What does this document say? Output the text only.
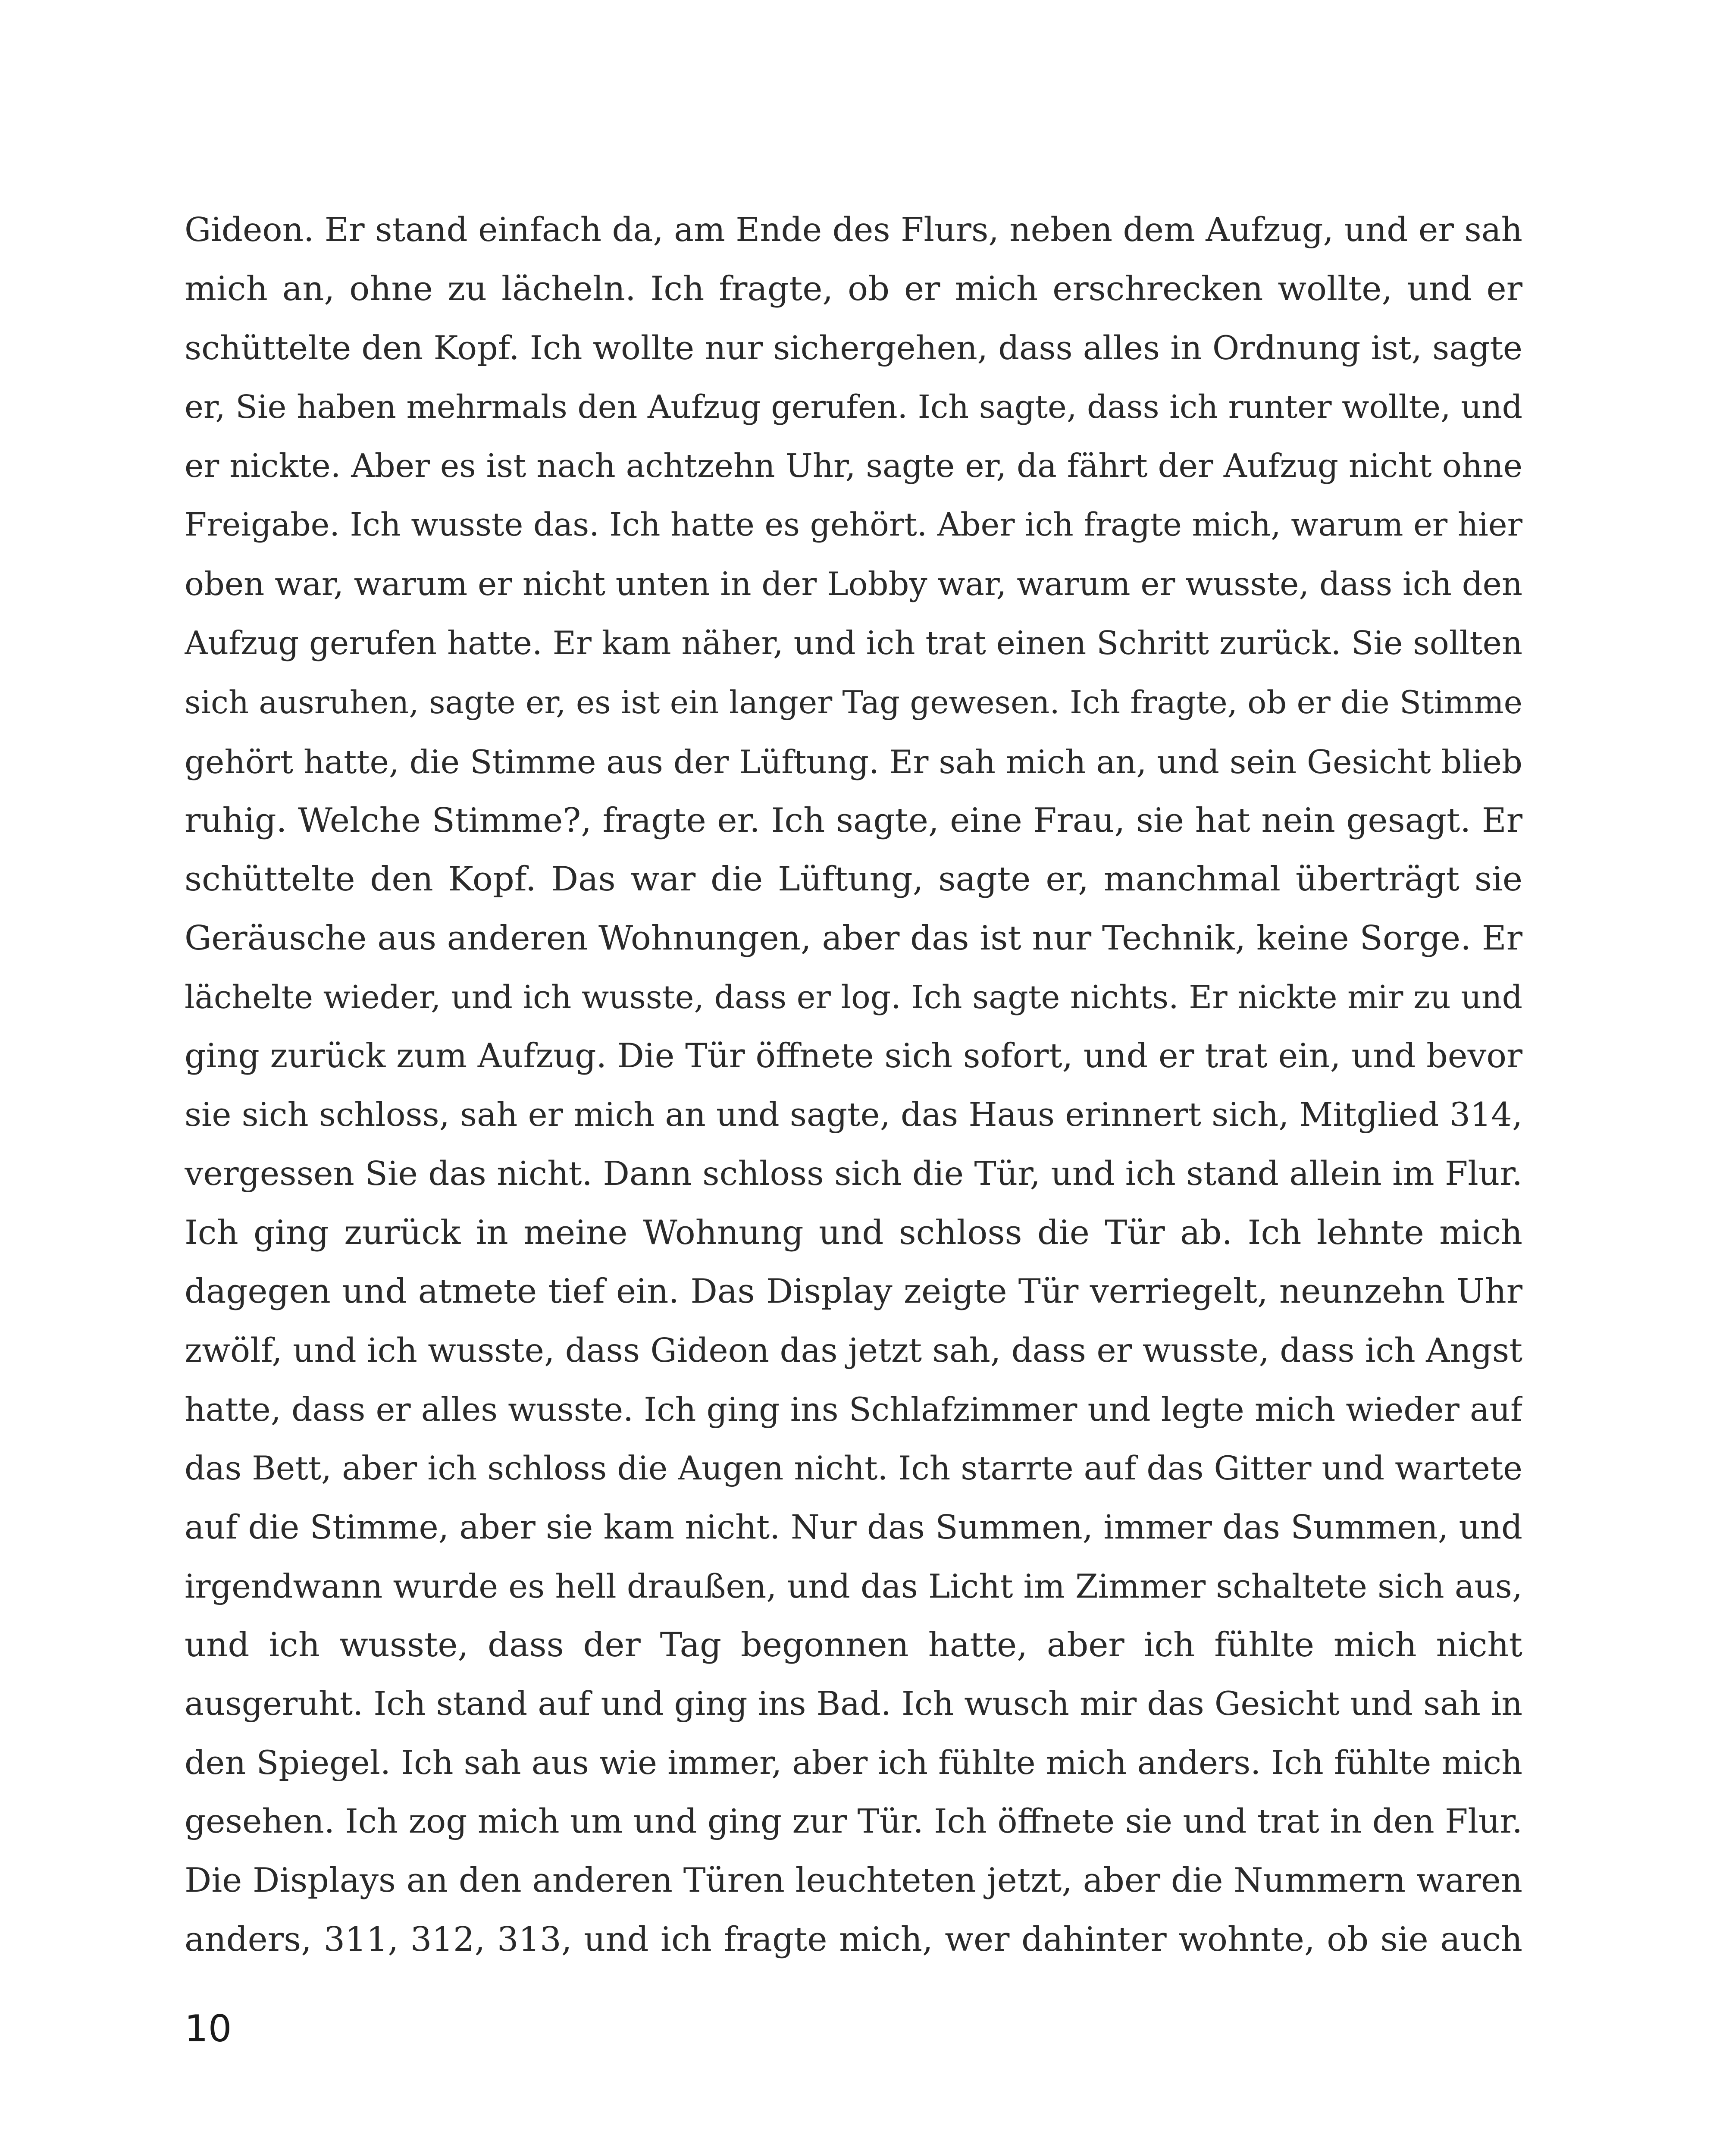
Gideon. Er stand einfach da, am Ende des Flurs, neben dem Aufzug, und er sah
mich an, ohne zu lächeln. Ich fragte, ob er mich erschrecken wollte, und er
schüttelte den Kopf. Ich wollte nur sichergehen, dass alles in Ordnung ist, sagte
er, Sie haben mehrmals den Aufzug gerufen. Ich sagte, dass ich runter wollte, und
er nickte. Aber es ist nach achtzehn Uhr, sagte er, da fährt der Aufzug nicht ohne
Freigabe. Ich wusste das. Ich hatte es gehört. Aber ich fragte mich, warum er hier
oben war, warum er nicht unten in der Lobby war, warum er wusste, dass ich den
Aufzug gerufen hatte. Er kam näher, und ich trat einen Schritt zurück. Sie sollten
sich ausruhen, sagte er, es ist ein langer Tag gewesen. Ich fragte, ob er die Stimme
gehört hatte, die Stimme aus der Lüftung. Er sah mich an, und sein Gesicht blieb
ruhig. Welche Stimme?, fragte er. Ich sagte, eine Frau, sie hat nein gesagt. Er
schüttelte den Kopf. Das war die Lüftung, sagte er, manchmal überträgt sie
Geräusche aus anderen Wohnungen, aber das ist nur Technik, keine Sorge. Er
lächelte wieder, und ich wusste, dass er log. Ich sagte nichts. Er nickte mir zu und
ging zurück zum Aufzug. Die Tür öffnete sich sofort, und er trat ein, und bevor
sie sich schloss, sah er mich an und sagte, das Haus erinnert sich, Mitglied 314,
vergessen Sie das nicht. Dann schloss sich die Tür, und ich stand allein im Flur.
Ich ging zurück in meine Wohnung und schloss die Tür ab. Ich lehnte mich
dagegen und atmete tief ein. Das Display zeigte Tür verriegelt, neunzehn Uhr
zwölf, und ich wusste, dass Gideon das jetzt sah, dass er wusste, dass ich Angst
hatte, dass er alles wusste. Ich ging ins Schlafzimmer und legte mich wieder auf
das Bett, aber ich schloss die Augen nicht. Ich starrte auf das Gitter und wartete
auf die Stimme, aber sie kam nicht. Nur das Summen, immer das Summen, und
irgendwann wurde es hell draußen, und das Licht im Zimmer schaltete sich aus,
und ich wusste, dass der Tag begonnen hatte, aber ich fühlte mich nicht
ausgeruht. Ich stand auf und ging ins Bad. Ich wusch mir das Gesicht und sah in
den Spiegel. Ich sah aus wie immer, aber ich fühlte mich anders. Ich fühlte mich
gesehen. Ich zog mich um und ging zur Tür. Ich öffnete sie und trat in den Flur.
Die Displays an den anderen Türen leuchteten jetzt, aber die Nummern waren
anders, 311, 312, 313, und ich fragte mich, wer dahinter wohnte, ob sie auch
10
